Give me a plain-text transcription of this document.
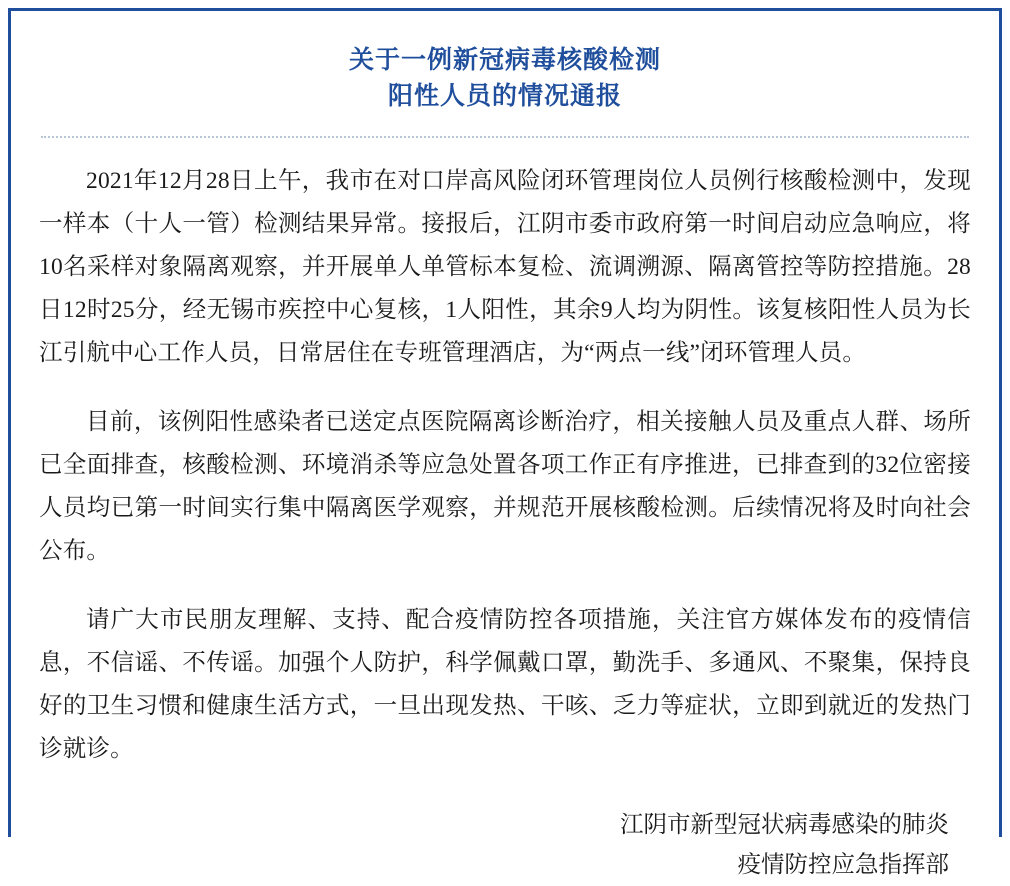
关于一例新冠病毒核酸检测
阳性人员的情况通报

2021年12月28日上午，我市在对口岸高风险闭环管理岗位人员例行核酸检测中，发现一样本（十人一管）检测结果异常。接报后，江阴市委市政府第一时间启动应急响应，将10名采样对象隔离观察，并开展单人单管标本复检、流调溯源、隔离管控等防控措施。28日12时25分，经无锡市疾控中心复核，1人阳性，其余9人均为阴性。该复核阳性人员为长江引航中心工作人员，日常居住在专班管理酒店，为“两点一线”闭环管理人员。

目前，该例阳性感染者已送定点医院隔离诊断治疗，相关接触人员及重点人群、场所已全面排查，核酸检测、环境消杀等应急处置各项工作正有序推进，已排查到的32位密接人员均已第一时间实行集中隔离医学观察，并规范开展核酸检测。后续情况将及时向社会公布。

请广大市民朋友理解、支持、配合疫情防控各项措施，关注官方媒体发布的疫情信息，不信谣、不传谣。加强个人防护，科学佩戴口罩，勤洗手、多通风、不聚集，保持良好的卫生习惯和健康生活方式，一旦出现发热、干咳、乏力等症状，立即到就近的发热门诊就诊。

江阴市新型冠状病毒感染的肺炎
疫情防控应急指挥部
